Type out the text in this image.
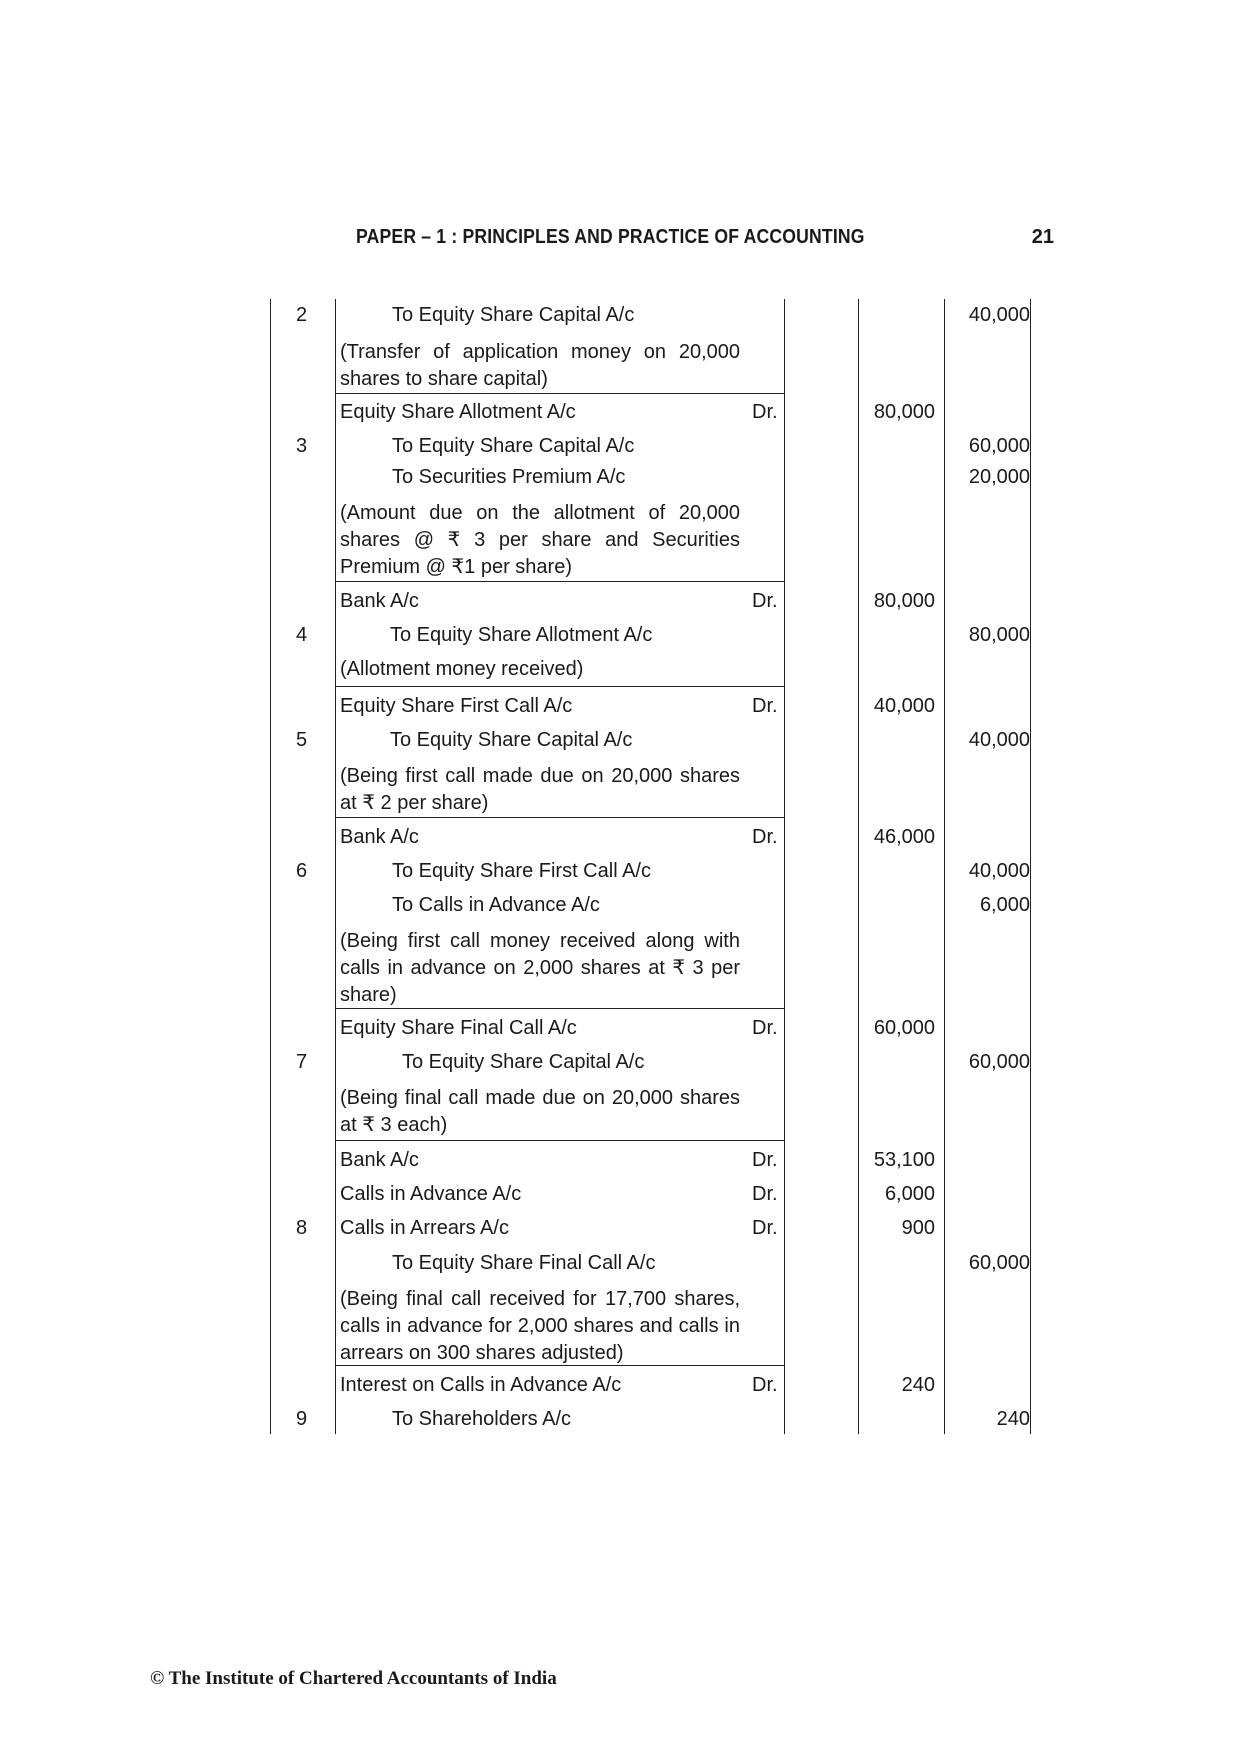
PAPER – 1 : PRINCIPLES AND PRACTICE OF ACCOUNTING	21
2	To Equity Share Capital A/c	40,000
(Transfer of application money on 20,000 shares to share capital)
Equity Share Allotment A/c	Dr.	80,000
3	To Equity Share Capital A/c	60,000
To Securities Premium A/c	20,000
(Amount due on the allotment of 20,000 shares @ ₹ 3 per share and Securities Premium @ ₹1 per share)
Bank A/c	Dr.	80,000
4	To Equity Share Allotment A/c	80,000
(Allotment money received)
Equity Share First Call A/c	Dr.	40,000
5	To Equity Share Capital A/c	40,000
(Being first call made due on 20,000 shares at ₹ 2 per share)
Bank A/c	Dr.	46,000
6	To Equity Share First Call A/c	40,000
To Calls in Advance A/c	6,000
(Being first call money received along with calls in advance on 2,000 shares at ₹ 3 per share)
Equity Share Final Call A/c	Dr.	60,000
7	To Equity Share Capital A/c	60,000
(Being final call made due on 20,000 shares at ₹ 3 each)
Bank A/c	Dr.	53,100
Calls in Advance A/c	Dr.	6,000
8 Calls in Arrears A/c	Dr.	900
To Equity Share Final Call A/c	60,000
(Being final call received for 17,700 shares, calls in advance for 2,000 shares and calls in arrears on 300 shares adjusted)
Interest on Calls in Advance A/c	Dr.	240
9	To Shareholders A/c	240
© The Institute of Chartered Accountants of India
